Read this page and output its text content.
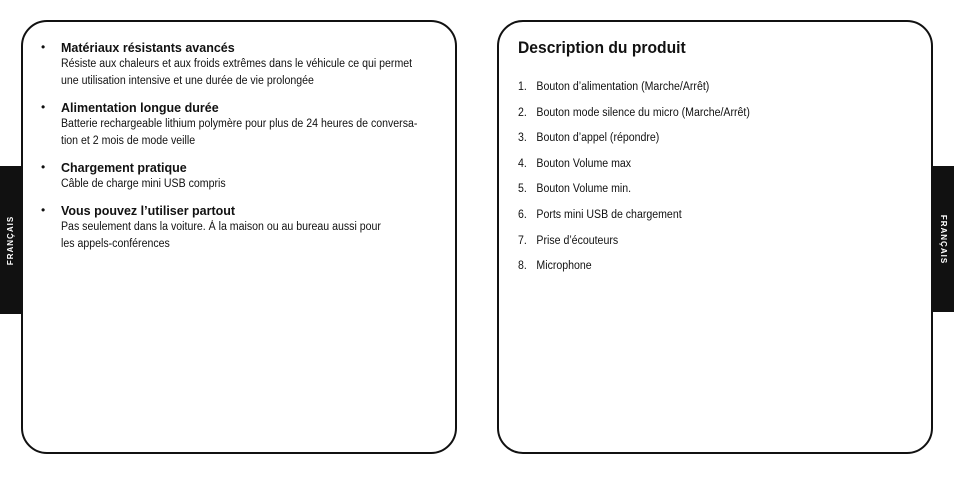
FRANÇAIS	FRANÇAIS
• Matériaux résistants avancés
Résiste aux chaleurs et aux froids extrêmes dans le véhicule ce qui permet
une utilisation intensive et une durée de vie prolongée
• Alimentation longue durée
Batterie rechargeable lithium polymère pour plus de 24 heures de conversa-
tion et 2 mois de mode veille
• Chargement pratique
Câble de charge mini USB compris
• Vous pouvez l’utiliser partout
Pas seulement dans la voiture. À la maison ou au bureau aussi pour
les appels-conférences
Description du produit
1. Bouton d’alimentation (Marche/Arrêt)
2. Bouton mode silence du micro (Marche/Arrêt)
3. Bouton d’appel (répondre)
4. Bouton Volume max
5. Bouton Volume min.
6. Ports mini USB de chargement
7. Prise d’écouteurs
8. Microphone
